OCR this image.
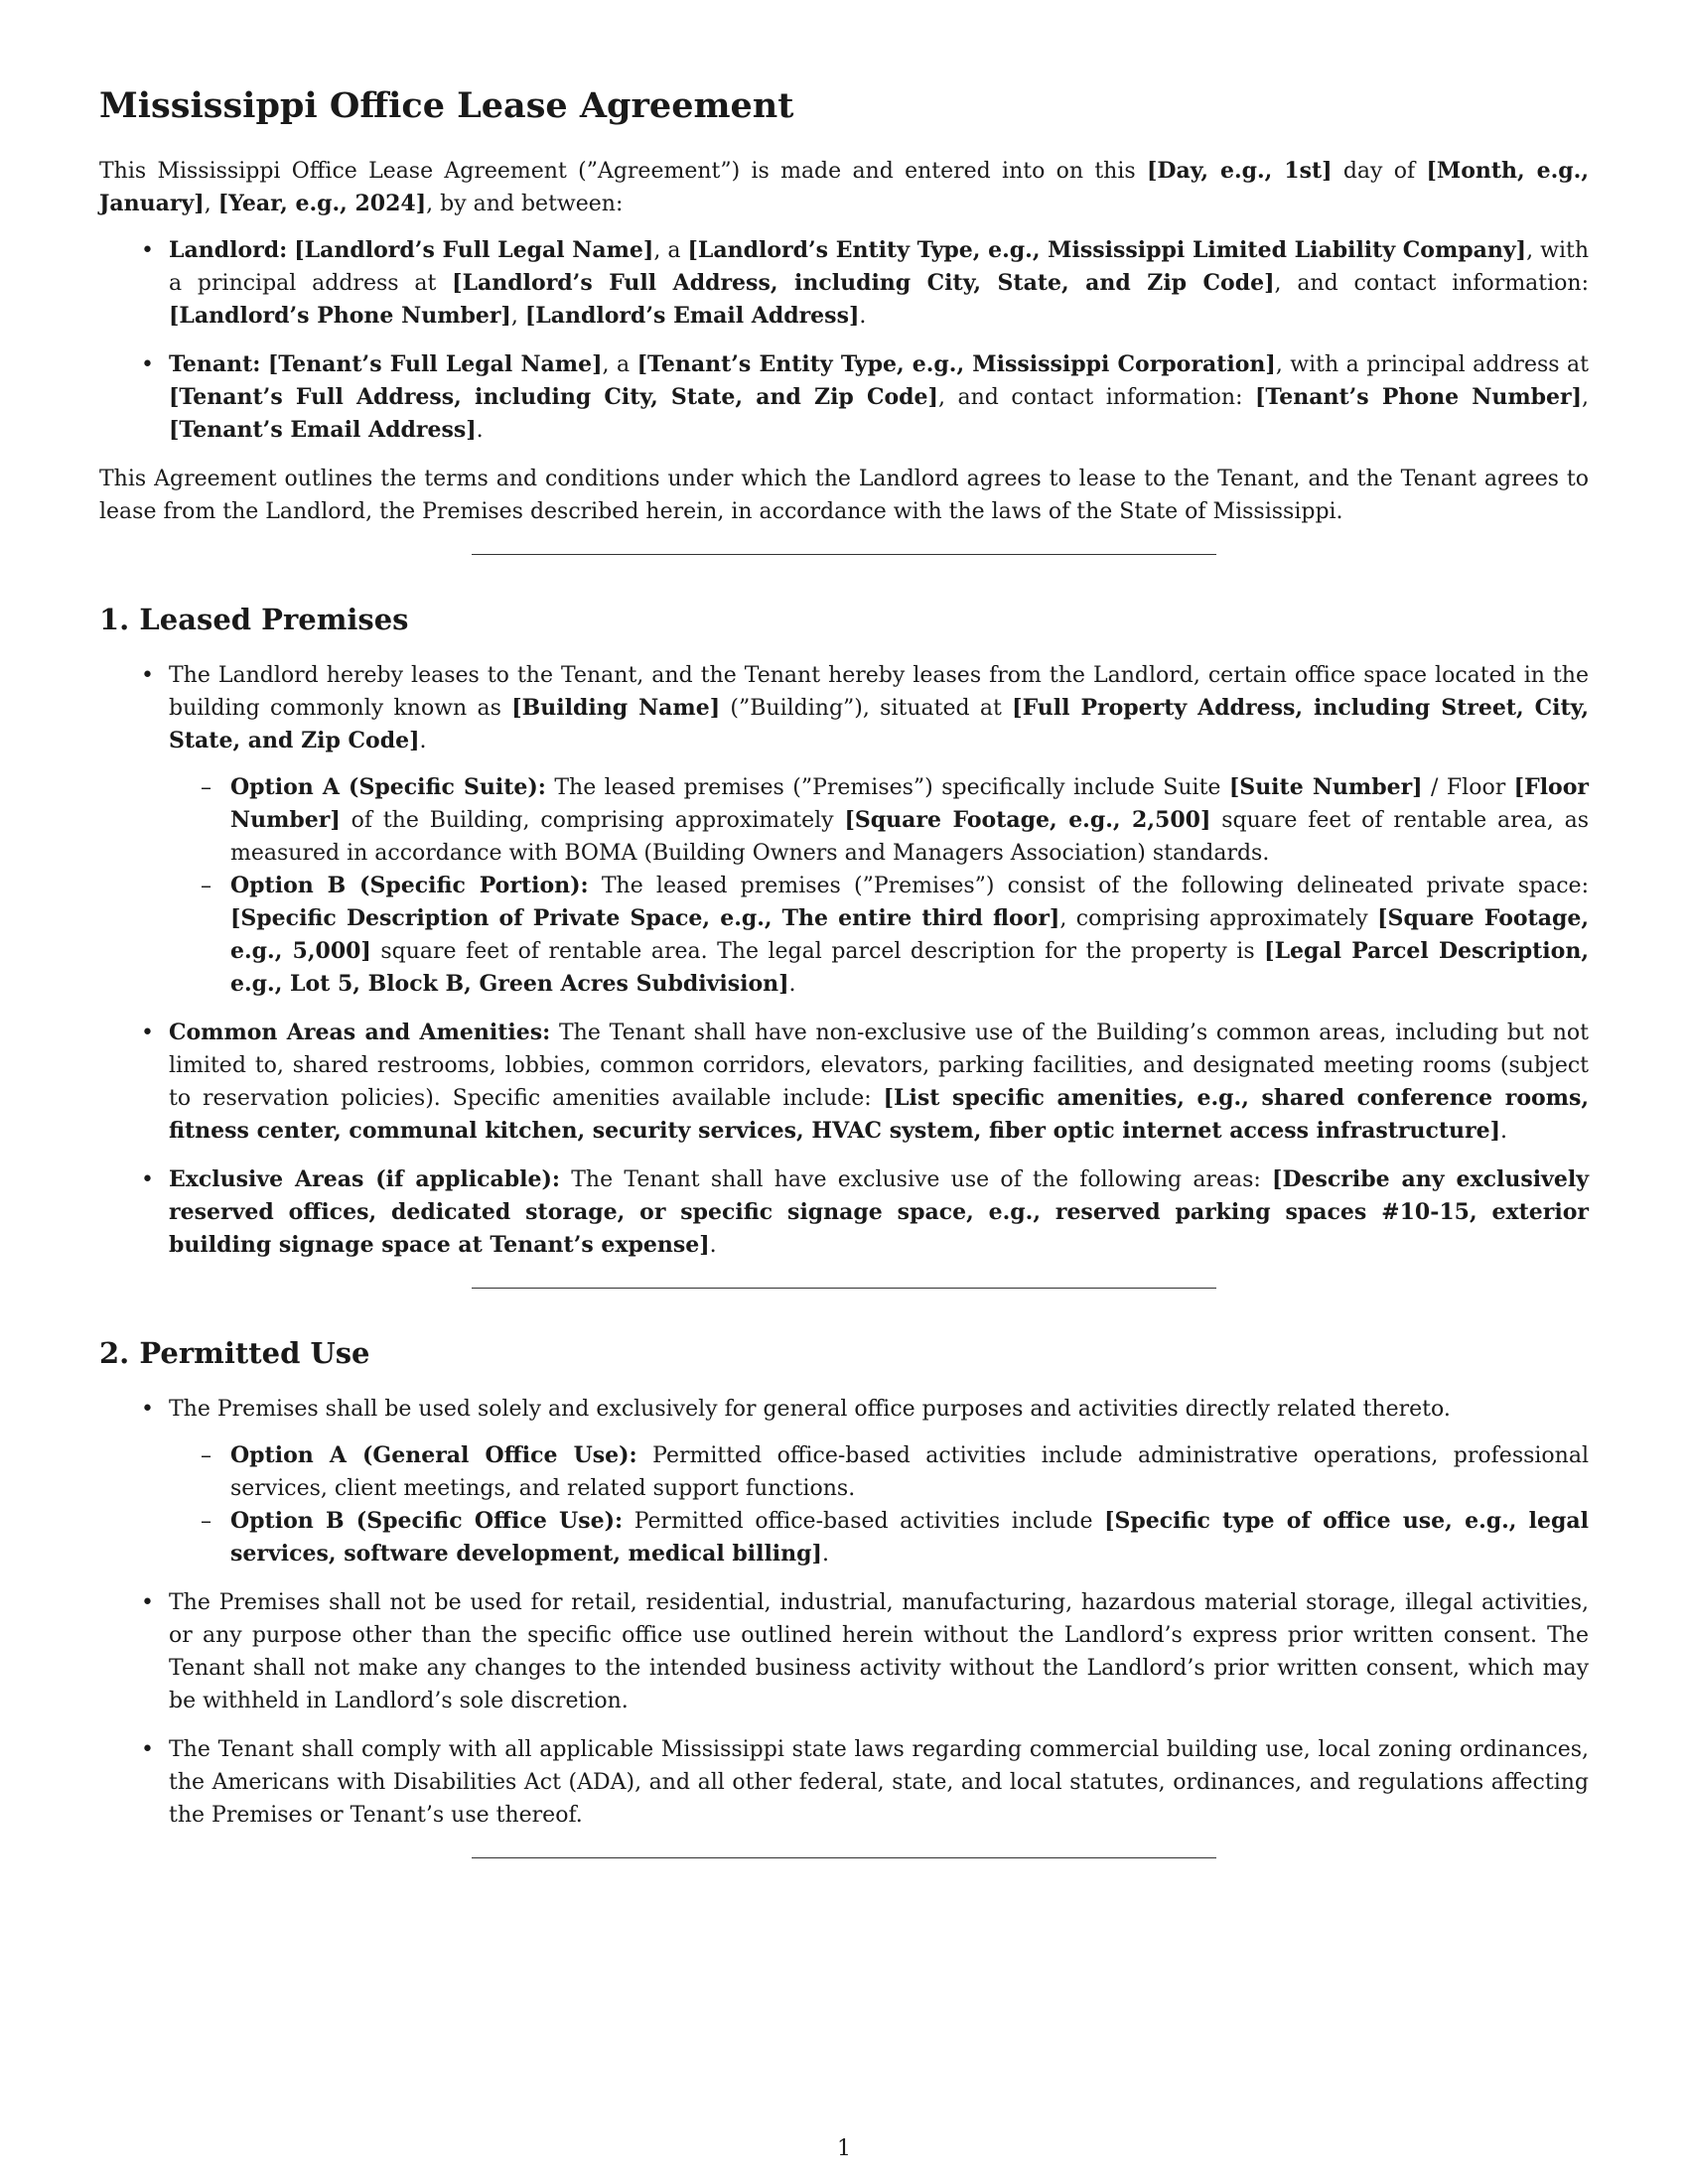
Mississippi Office Lease Agreement

This Mississippi Office Lease Agreement (”Agreement”) is made and entered into on this [Day, e.g., 1st] day of [Month, e.g., January], [Year, e.g., 2024], by and between:

• Landlord: [Landlord’s Full Legal Name], a [Landlord’s Entity Type, e.g., Mississippi Limited Liability Company], with a principal address at [Landlord’s Full Address, including City, State, and Zip Code], and contact information: [Landlord’s Phone Number], [Landlord’s Email Address].
• Tenant: [Tenant’s Full Legal Name], a [Tenant’s Entity Type, e.g., Mississippi Corporation], with a principal address at [Tenant’s Full Address, including City, State, and Zip Code], and contact information: [Tenant’s Phone Number], [Tenant’s Email Address].

This Agreement outlines the terms and conditions under which the Landlord agrees to lease to the Tenant, and the Tenant agrees to lease from the Landlord, the Premises described herein, in accordance with the laws of the State of Mississippi.

1. Leased Premises
• The Landlord hereby leases to the Tenant, and the Tenant hereby leases from the Landlord, certain office space located in the building commonly known as [Building Name] (”Building”), situated at [Full Property Address, including Street, City, State, and Zip Code].
– Option A (Specific Suite): The leased premises (”Premises”) specifically include Suite [Suite Number] / Floor [Floor Number] of the Building, comprising approximately [Square Footage, e.g., 2,500] square feet of rentable area, as measured in accordance with BOMA (Building Owners and Managers Association) standards.
– Option B (Specific Portion): The leased premises (”Premises”) consist of the following delineated private space: [Specific Description of Private Space, e.g., The entire third floor], comprising approximately [Square Footage, e.g., 5,000] square feet of rentable area. The legal parcel description for the property is [Legal Parcel Description, e.g., Lot 5, Block B, Green Acres Subdivision].
• Common Areas and Amenities: The Tenant shall have non-exclusive use of the Building’s common areas, including but not limited to, shared restrooms, lobbies, common corridors, elevators, parking facilities, and designated meeting rooms (subject to reservation policies). Specific amenities available include: [List specific amenities, e.g., shared conference rooms, fitness center, communal kitchen, security services, HVAC system, fiber optic internet access infrastructure].
• Exclusive Areas (if applicable): The Tenant shall have exclusive use of the following areas: [Describe any exclusively reserved offices, dedicated storage, or specific signage space, e.g., reserved parking spaces #10-15, exterior building signage space at Tenant’s expense].
2. Permitted Use
• The Premises shall be used solely and exclusively for general office purposes and activities directly related thereto.
– Option A (General Office Use): Permitted office-based activities include administrative operations, professional services, client meetings, and related support functions.
– Option B (Specific Office Use): Permitted office-based activities include [Specific type of office use, e.g., legal services, software development, medical billing].
• The Premises shall not be used for retail, residential, industrial, manufacturing, hazardous material storage, illegal activities, or any purpose other than the specific office use outlined herein without the Landlord’s express prior written consent. The Tenant shall not make any changes to the intended business activity without the Landlord’s prior written consent, which may be withheld in Landlord’s sole discretion.
• The Tenant shall comply with all applicable Mississippi state laws regarding commercial building use, local zoning ordinances, the Americans with Disabilities Act (ADA), and all other federal, state, and local statutes, ordinances, and regulations affecting the Premises or Tenant’s use thereof.
1
